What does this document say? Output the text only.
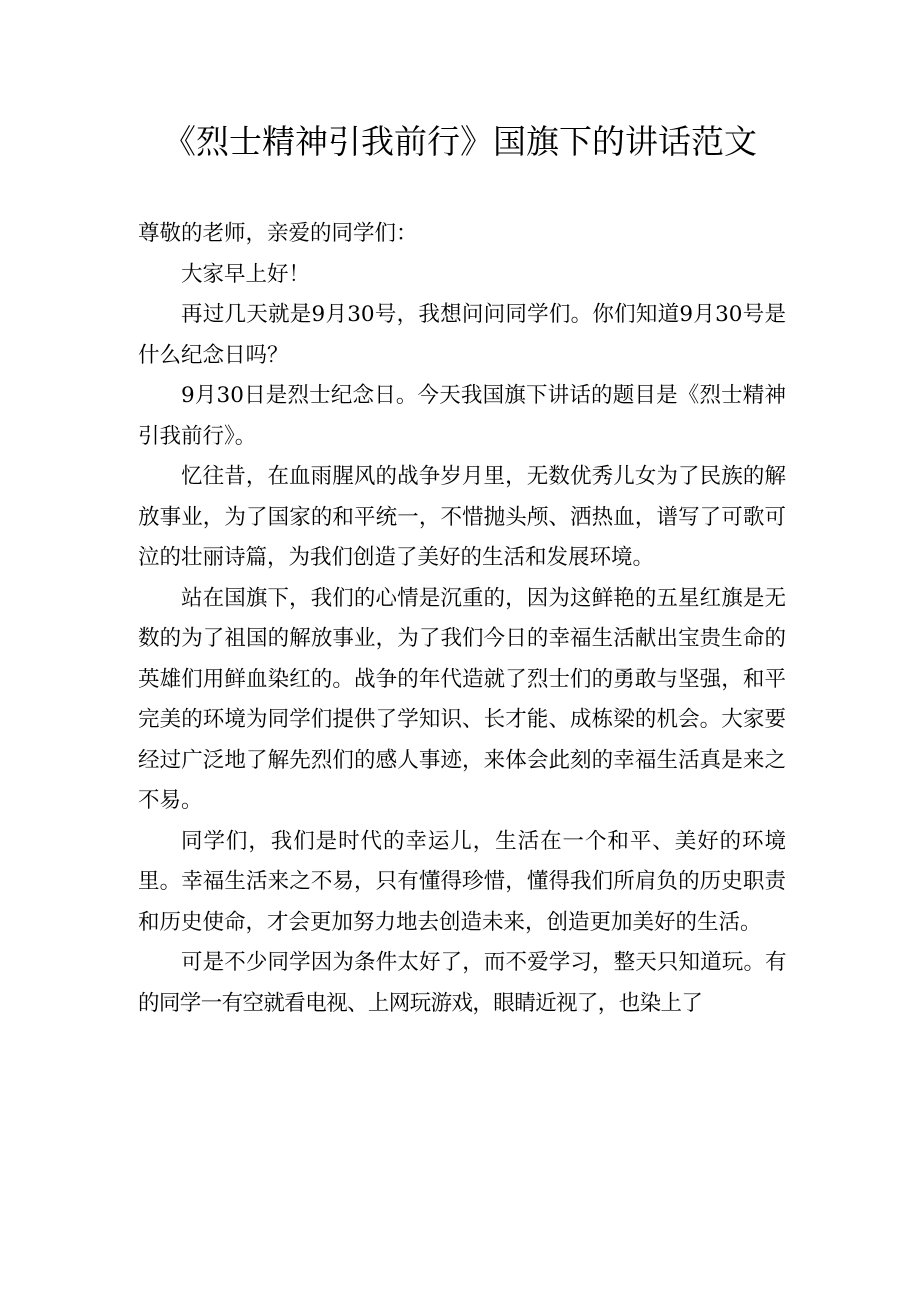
《烈士精神引我前行》国旗下的讲话范文

尊敬的老师，亲爱的同学们：

大家早上好！

再过几天就是9月30号，我想问问同学们。你们知道9月30号是什么纪念日吗？

9月30日是烈士纪念日。今天我国旗下讲话的题目是《烈士精神引我前行》。

忆往昔，在血雨腥风的战争岁月里，无数优秀儿女为了民族的解放事业，为了国家的和平统一，不惜抛头颅、洒热血，谱写了可歌可泣的壮丽诗篇，为我们创造了美好的生活和发展环境。

站在国旗下，我们的心情是沉重的，因为这鲜艳的五星红旗是无数的为了祖国的解放事业，为了我们今日的幸福生活献出宝贵生命的英雄们用鲜血染红的。战争的年代造就了烈士们的勇敢与坚强，和平完美的环境为同学们提供了学知识、长才能、成栋梁的机会。大家要经过广泛地了解先烈们的感人事迹，来体会此刻的幸福生活真是来之不易。

同学们，我们是时代的幸运儿，生活在一个和平、美好的环境里。幸福生活来之不易，只有懂得珍惜，懂得我们所肩负的历史职责和历史使命，才会更加努力地去创造未来，创造更加美好的生活。

可是不少同学因为条件太好了，而不爱学习，整天只知道玩。有的同学一有空就看电视、上网玩游戏，眼睛近视了，也染上了
